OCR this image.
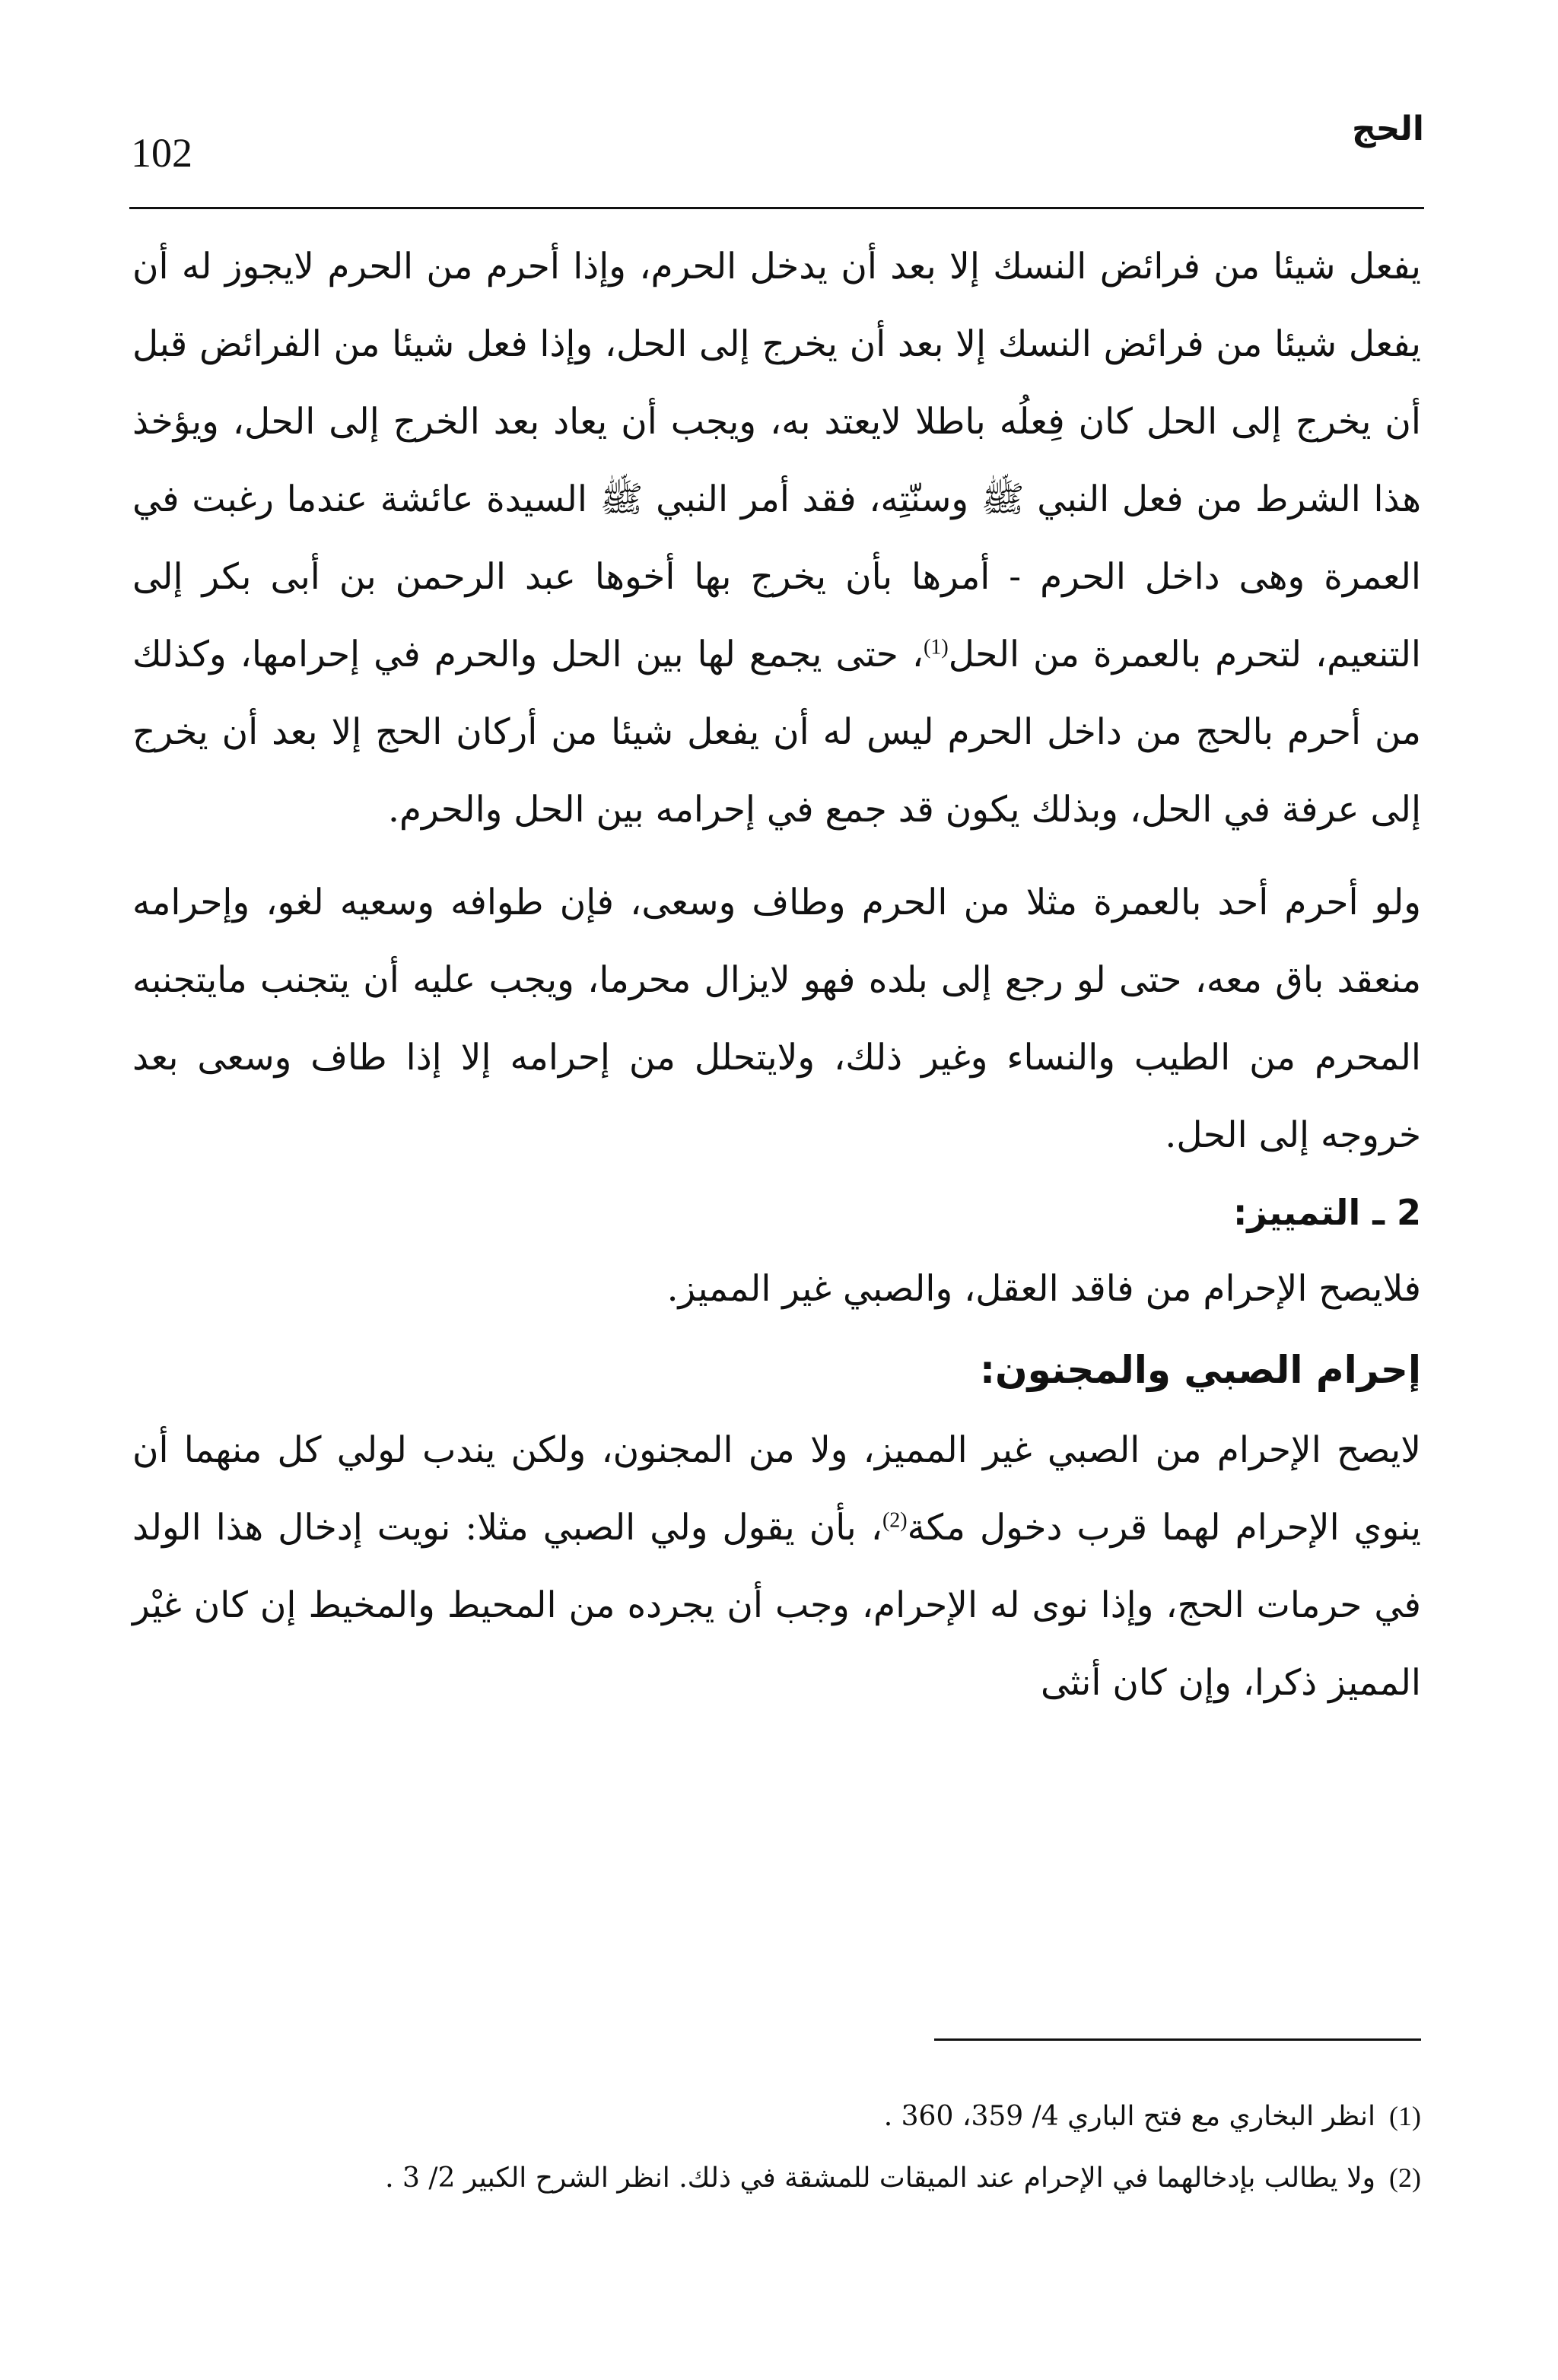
102
الحج

يفعل شيئا من فرائض النسك إلا بعد أن يدخل الحرم، وإذا أحرم من الحرم لايجوز له أن يفعل شيئا من فرائض النسك إلا بعد أن يخرج إلى الحل، وإذا فعل شيئا من الفرائض قبل أن يخرج إلى الحل كان فِعلُه باطلا لايعتد به، ويجب أن يعاد بعد الخرج إلى الحل، ويؤخذ هذا الشرط من فعل النبي ﷺ وسنّتِه، فقد أمر النبي ﷺ السيدة عائشة عندما رغبت في العمرة وهى داخل الحرم - أمرها بأن يخرج بها أخوها عبد الرحمن بن أبى بكر إلى التنعيم، لتحرم بالعمرة من الحل$^{(1)}$، حتى يجمع لها بين الحل والحرم في إحرامها، وكذلك من أحرم بالحج من داخل الحرم ليس له أن يفعل شيئا من أركان الحج إلا بعد أن يخرج إلى عرفة في الحل، وبذلك يكون قد جمع في إحرامه بين الحل والحرم.

ولو أحرم أحد بالعمرة مثلا من الحرم وطاف وسعى، فإن طوافه وسعيه لغو، وإحرامه منعقد باق معه، حتى لو رجع إلى بلده فهو لايزال محرما، ويجب عليه أن يتجنب مايتجنبه المحرم من الطيب والنساء وغير ذلك، ولايتحلل من إحرامه إلا إذا طاف وسعى بعد خروجه إلى الحل.

2 ـ التمييز:

فلايصح الإحرام من فاقد العقل، والصبي غير المميز.

إحرام الصبي والمجنون:

لايصح الإحرام من الصبي غير المميز، ولا من المجنون، ولكن يندب لولي كل منهما أن ينوي الإحرام لهما قرب دخول مكة$^{(2)}$، بأن يقول ولي الصبي مثلا: نويت إدخال هذا الولد في حرمات الحج، وإذا نوى له الإحرام، وجب أن يجرده من المحيط والمخيط إن كان غيْر المميز ذكرا، وإن كان أنثى

(1)انظر البخاري مع فتح الباري 4/ 359، 360 .
(2)ولا يطالب بإدخالهما في الإحرام عند الميقات للمشقة في ذلك. انظر الشرح الكبير 2/ 3 .
